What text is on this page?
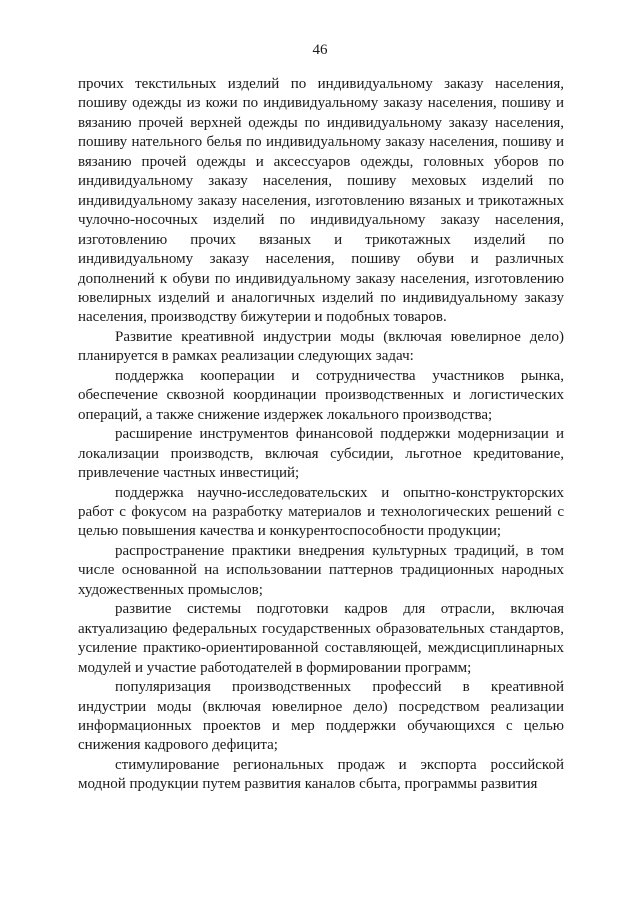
46

прочих текстильных изделий по индивидуальному заказу населения, пошиву одежды из кожи по индивидуальному заказу населения, пошиву и вязанию прочей верхней одежды по индивидуальному заказу населения, пошиву нательного белья по индивидуальному заказу населения, пошиву и вязанию прочей одежды и аксессуаров одежды, головных уборов по индивидуальному заказу населения, пошиву меховых изделий по индивидуальному заказу населения, изготовлению вязаных и трикотажных чулочно-носочных изделий по индивидуальному заказу населения, изготовлению прочих вязаных и трикотажных изделий по индивидуальному заказу населения, пошиву обуви и различных дополнений к обуви по индивидуальному заказу населения, изготовлению ювелирных изделий и аналогичных изделий по индивидуальному заказу населения, производству бижутерии и подобных товаров.

Развитие креативной индустрии моды (включая ювелирное дело) планируется в рамках реализации следующих задач:

поддержка кооперации и сотрудничества участников рынка, обеспечение сквозной координации производственных и логистических операций, а также снижение издержек локального производства;

расширение инструментов финансовой поддержки модернизации и локализации производств, включая субсидии, льготное кредитование, привлечение частных инвестиций;

поддержка научно-исследовательских и опытно-конструкторских работ с фокусом на разработку материалов и технологических решений с целью повышения качества и конкурентоспособности продукции;

распространение практики внедрения культурных традиций, в том числе основанной на использовании паттернов традиционных народных художественных промыслов;

развитие системы подготовки кадров для отрасли, включая актуализацию федеральных государственных образовательных стандартов, усиление практико-ориентированной составляющей, междисциплинарных модулей и участие работодателей в формировании программ;

популяризация производственных профессий в креативной индустрии моды (включая ювелирное дело) посредством реализации информационных проектов и мер поддержки обучающихся с целью снижения кадрового дефицита;

стимулирование региональных продаж и экспорта российской модной продукции путем развития каналов сбыта, программы развития
